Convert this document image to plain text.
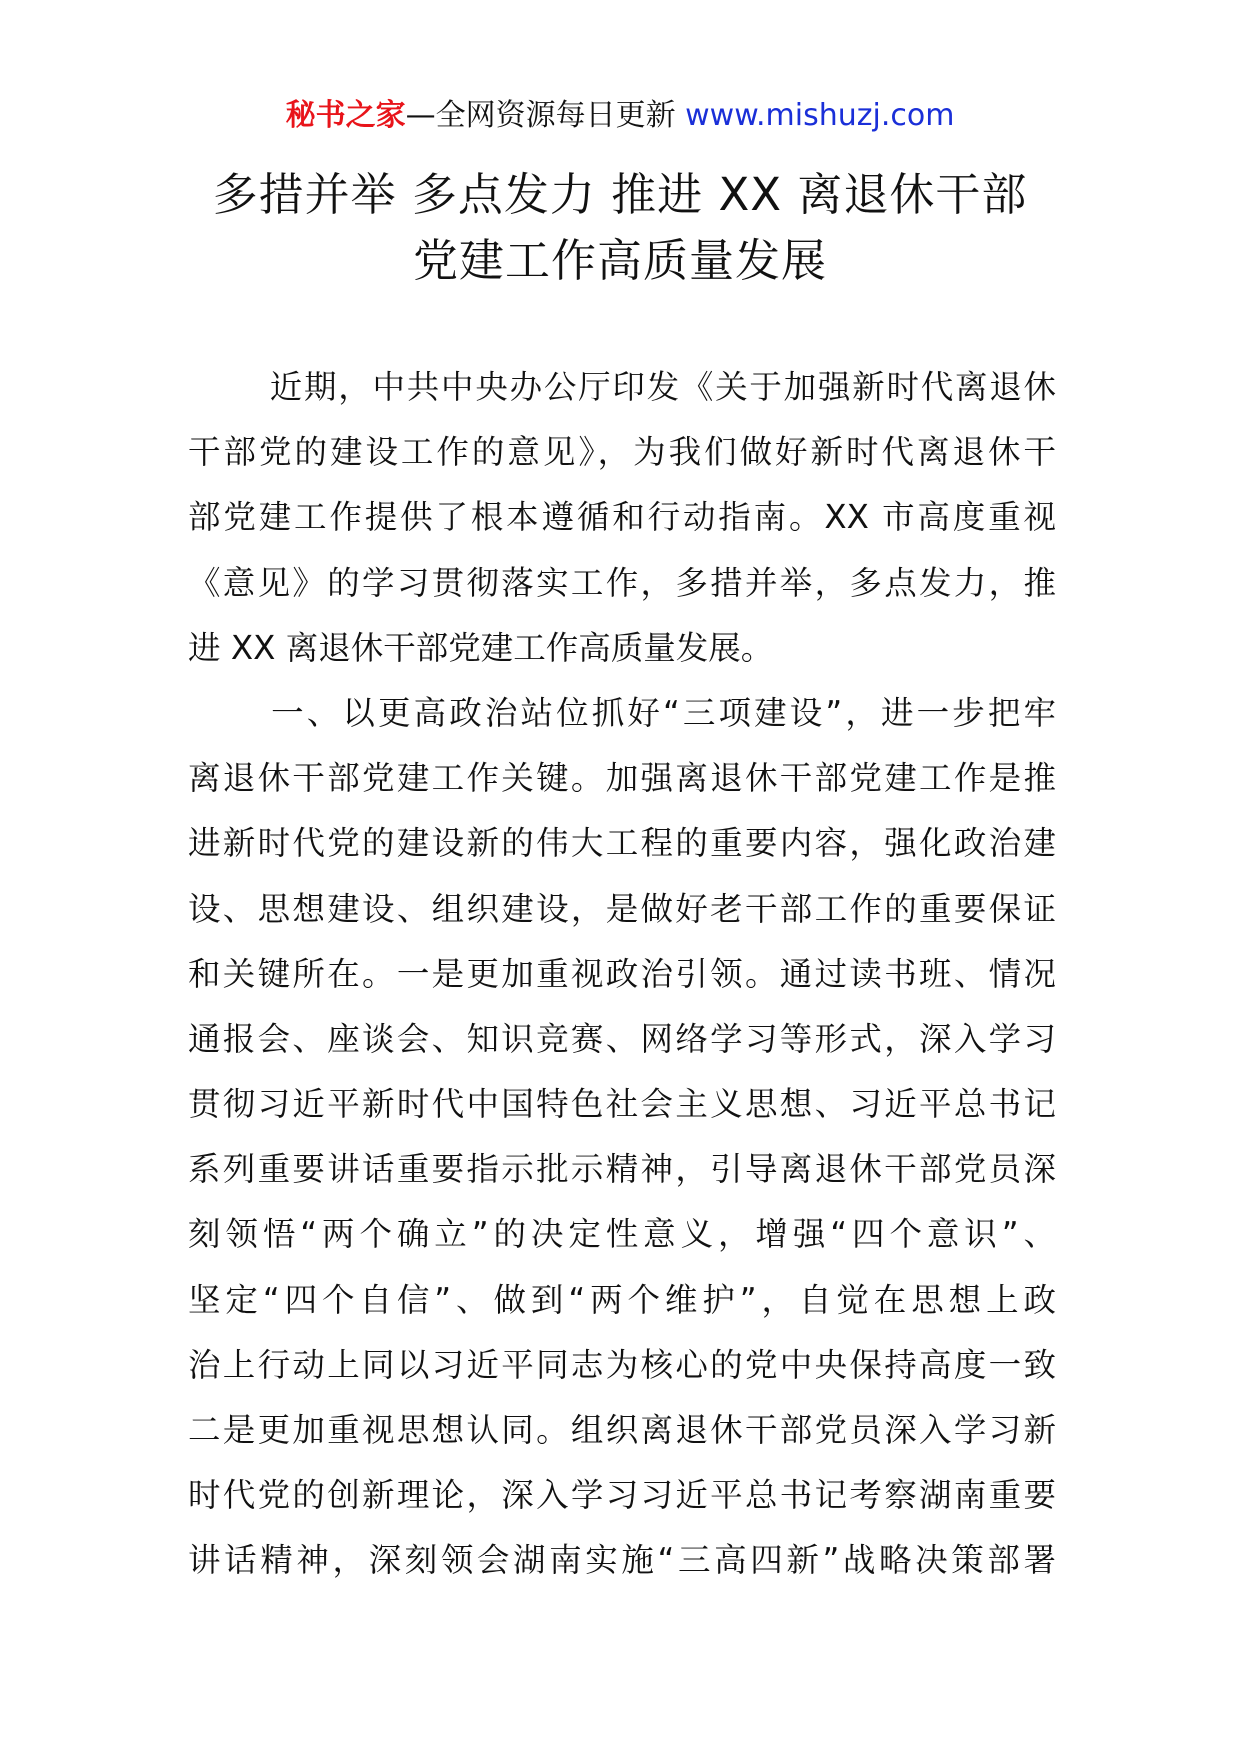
秘书之家—全网资源每日更新 www.mishuzj.com
多措并举 多点发力 推进 XX 离退休干部
党建工作高质量发展
近期，中共中央办公厅印发《关于加强新时代离退休
干部党的建设工作的意见》，为我们做好新时代离退休干
部党建工作提供了根本遵循和行动指南。XX 市高度重视
《意见》的学习贯彻落实工作，多措并举，多点发力，推
进 XX 离退休干部党建工作高质量发展。
一、以更高政治站位抓好“三项建设”，进一步把牢
离退休干部党建工作关键。加强离退休干部党建工作是推
进新时代党的建设新的伟大工程的重要内容，强化政治建
设、思想建设、组织建设，是做好老干部工作的重要保证
和关键所在。一是更加重视政治引领。通过读书班、情况
通报会、座谈会、知识竞赛、网络学习等形式，深入学习
贯彻习近平新时代中国特色社会主义思想、习近平总书记
系列重要讲话重要指示批示精神，引导离退休干部党员深
刻领悟“两个确立”的决定性意义，增强“四个意识”、
坚定“四个自信”、做到“两个维护”，自觉在思想上政
治上行动上同以习近平同志为核心的党中央保持高度一致
二是更加重视思想认同。组织离退休干部党员深入学习新
时代党的创新理论，深入学习习近平总书记考察湖南重要
讲话精神，深刻领会湖南实施“三高四新”战略决策部署
